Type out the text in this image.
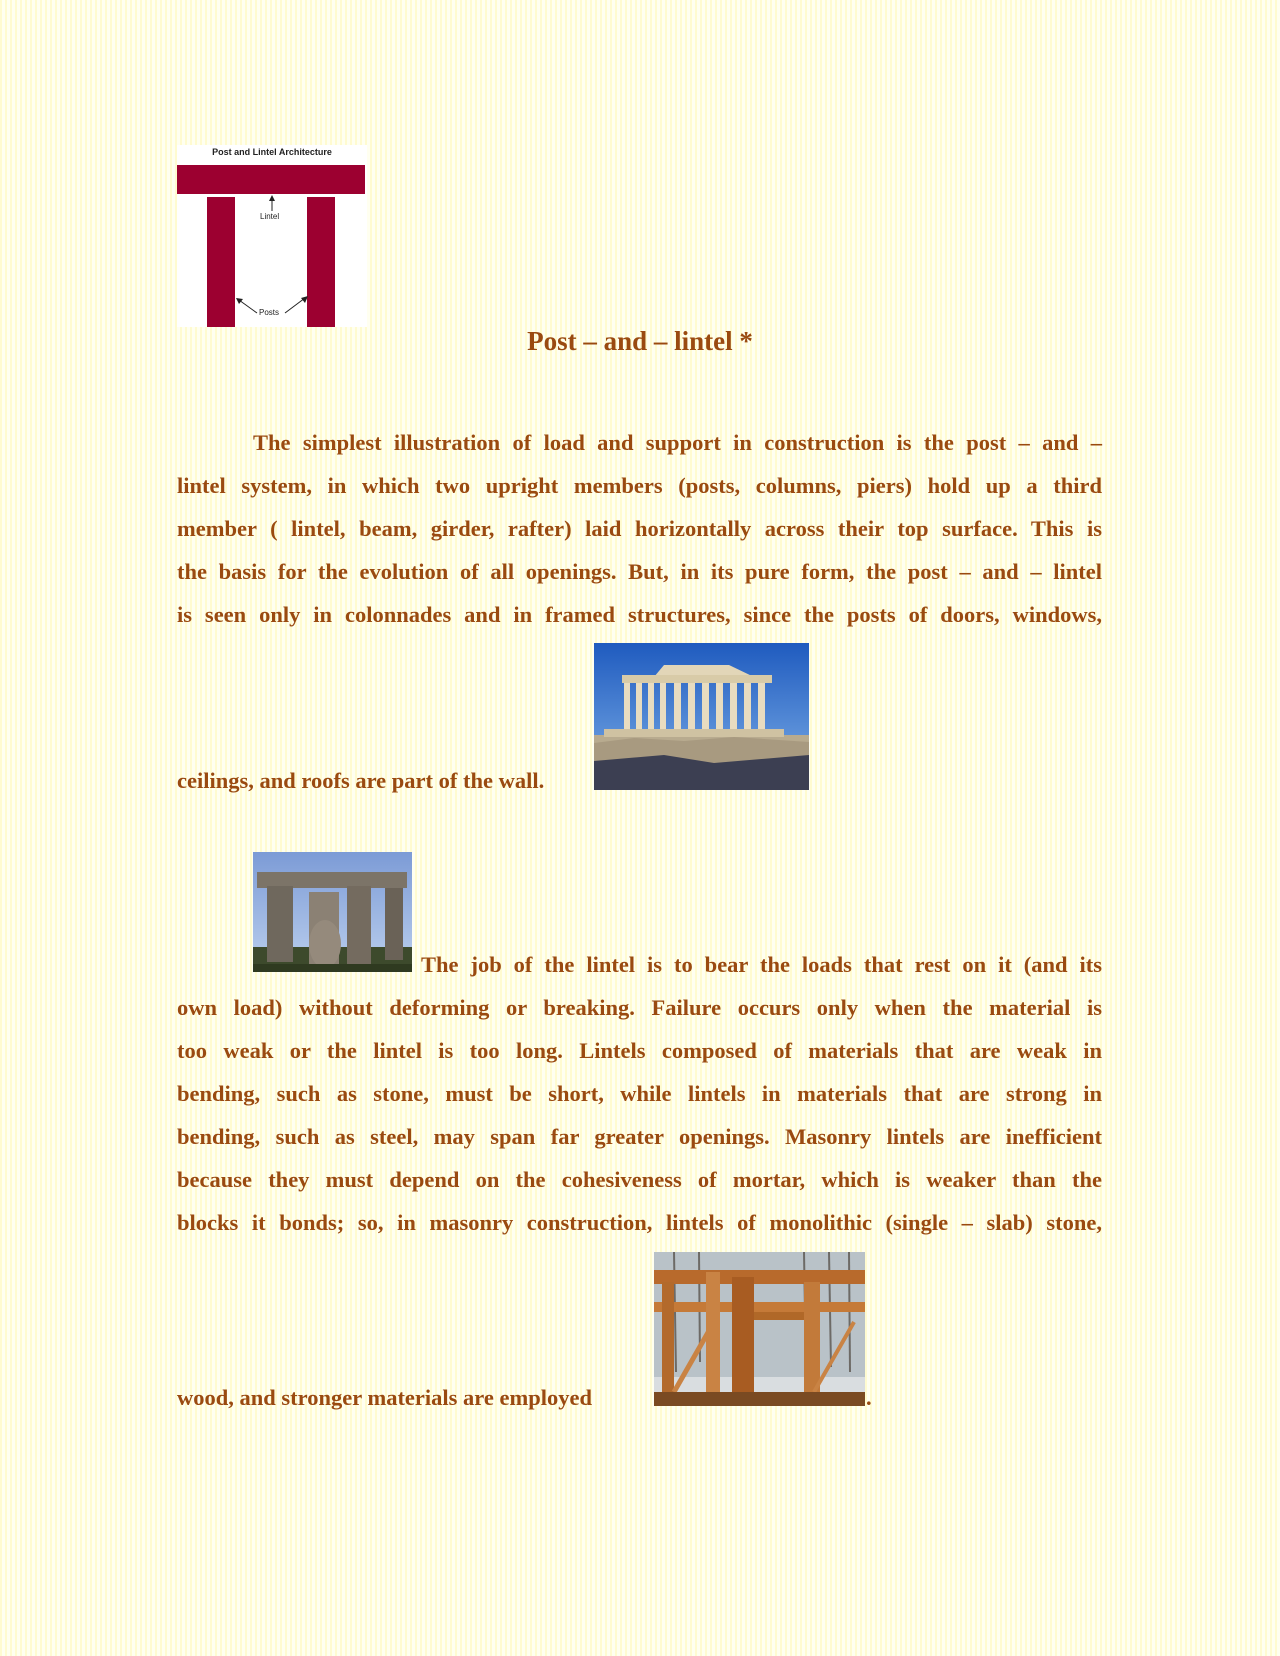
Post and Lintel Architecture
Lintel
Posts
Post – and – lintel *
The simplest illustration of load and support in construction is the post – and –
lintel system, in which two upright members (posts, columns, piers) hold up a third
member ( lintel, beam, girder, rafter) laid horizontally across their top surface. This is
the basis for the evolution of all openings. But, in its pure form, the post – and – lintel
is seen only in colonnades and in framed structures, since the posts of doors, windows,
ceilings, and roofs are part of the wall.
The job of the lintel is to bear the loads that rest on it (and its
own load) without deforming or breaking. Failure occurs only when the material is
too weak or the lintel is too long. Lintels composed of materials that are weak in
bending, such as stone, must be short, while lintels in materials that are strong in
bending, such as steel, may span far greater openings. Masonry lintels are inefficient
because they must depend on the cohesiveness of mortar, which is weaker than the
blocks it bonds; so, in masonry construction, lintels of monolithic (single – slab) stone,
wood, and stronger materials are employed	.
